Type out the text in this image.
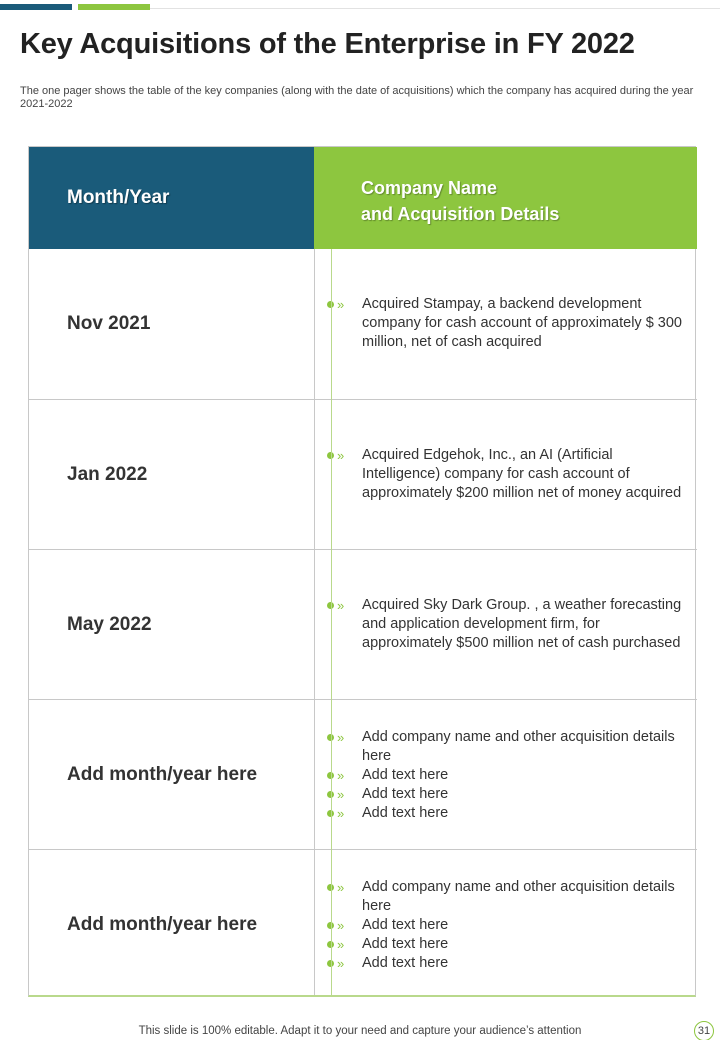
Key Acquisitions of the Enterprise in FY 2022

The one pager shows the table of the key companies (along with the date of acquisitions) which the company has acquired during the year 2021-2022

Month/Year	Company Name
and Acquisition Details
Nov 2021
» Acquired Stampay, a backend development company for cash account of approximately $ 300 million, net of cash acquired
Jan 2022
» Acquired Edgehok, Inc., an AI (Artificial Intelligence) company for cash account of approximately $200 million net of money acquired
May 2022
» Acquired Sky Dark Group. , a weather forecasting and application development firm, for approximately $500 million net of cash purchased
Add month/year here
» Add company name and other acquisition details here
» Add text here
» Add text here
» Add text here
Add month/year here
» Add company name and other acquisition details here
» Add text here
» Add text here
» Add text here
This slide is 100% editable. Adapt it to your need and capture your audience’s attention	31
